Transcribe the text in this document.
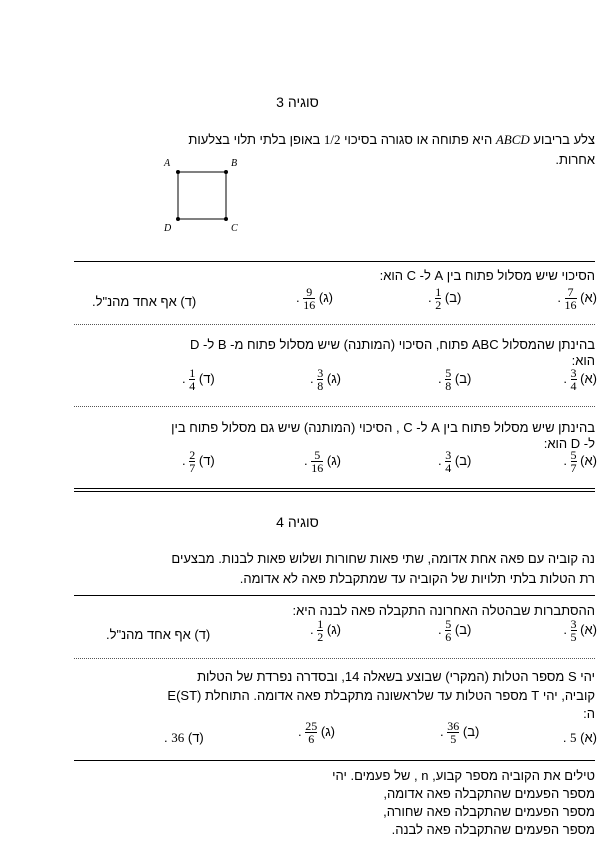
סוגיה 3
צלע בריבוע ABCD היא פתוחה או סגורה בסיכוי 1/2 באופן בלתי תלוי בצלעות
אחרות.
A	B
C
D
הסיכוי שיש מסלול פתוח בין A ל- C הוא:
(א)
$\frac{7}{16}$
.
(ב)
$\frac{1}{2}$
.
(ג)
$\frac{9}{16}$
.
(ד) אף אחד מהנ"ל.
בהינתן שהמסלול ABC פתוח, הסיכוי (המותנה) שיש מסלול פתוח מ- B ל- D
הוא:
(א)
$\frac{3}{4}$
.
(ב)
$\frac{5}{8}$
.
(ג)
$\frac{3}{8}$
.
(ד)
$\frac{1}{4}$
.
בהינתן שיש מסלול פתוח בין A ל- C , הסיכוי (המותנה) שיש גם מסלול פתוח בין
ל- D הוא:
(א)
$\frac{5}{7}$
.
(ב)
$\frac{3}{4}$
.
(ג)
$\frac{5}{16}$
.
(ד)
$\frac{2}{7}$
.
סוגיה 4
נה קוביה עם פאה אחת אדומה, שתי פאות שחורות ושלוש פאות לבנות. מבצעים
רת הטלות בלתי תלויות של הקוביה עד שמתקבלת פאה לא אדומה.
ההסתברות שבהטלה האחרונה התקבלה פאה לבנה היא:
(א)
$\frac{3}{5}$
.
(ב)
$\frac{5}{6}$
.
(ג)
$\frac{1}{2}$
.
(ד) אף אחד מהנ"ל.
יהי S מספר הטלות (המקרי) שבוצע בשאלה 14, ובסדרה נפרדת של הטלות
קוביה, יהי T מספר הטלות עד שלראשונה מתקבלת פאה אדומה. התוחלת E(ST)
ה:
(א) 5 .
(ב)
$\frac{36}{5}$
.
(ג)
$\frac{25}{6}$
.
(ד) 36 .
טילים את הקוביה מספר קבוע, n , של פעמים. יהי
מספר הפעמים שהתקבלה פאה אדומה,
מספר הפעמים שהתקבלה פאה שחורה,
מספר הפעמים שהתקבלה פאה לבנה.
